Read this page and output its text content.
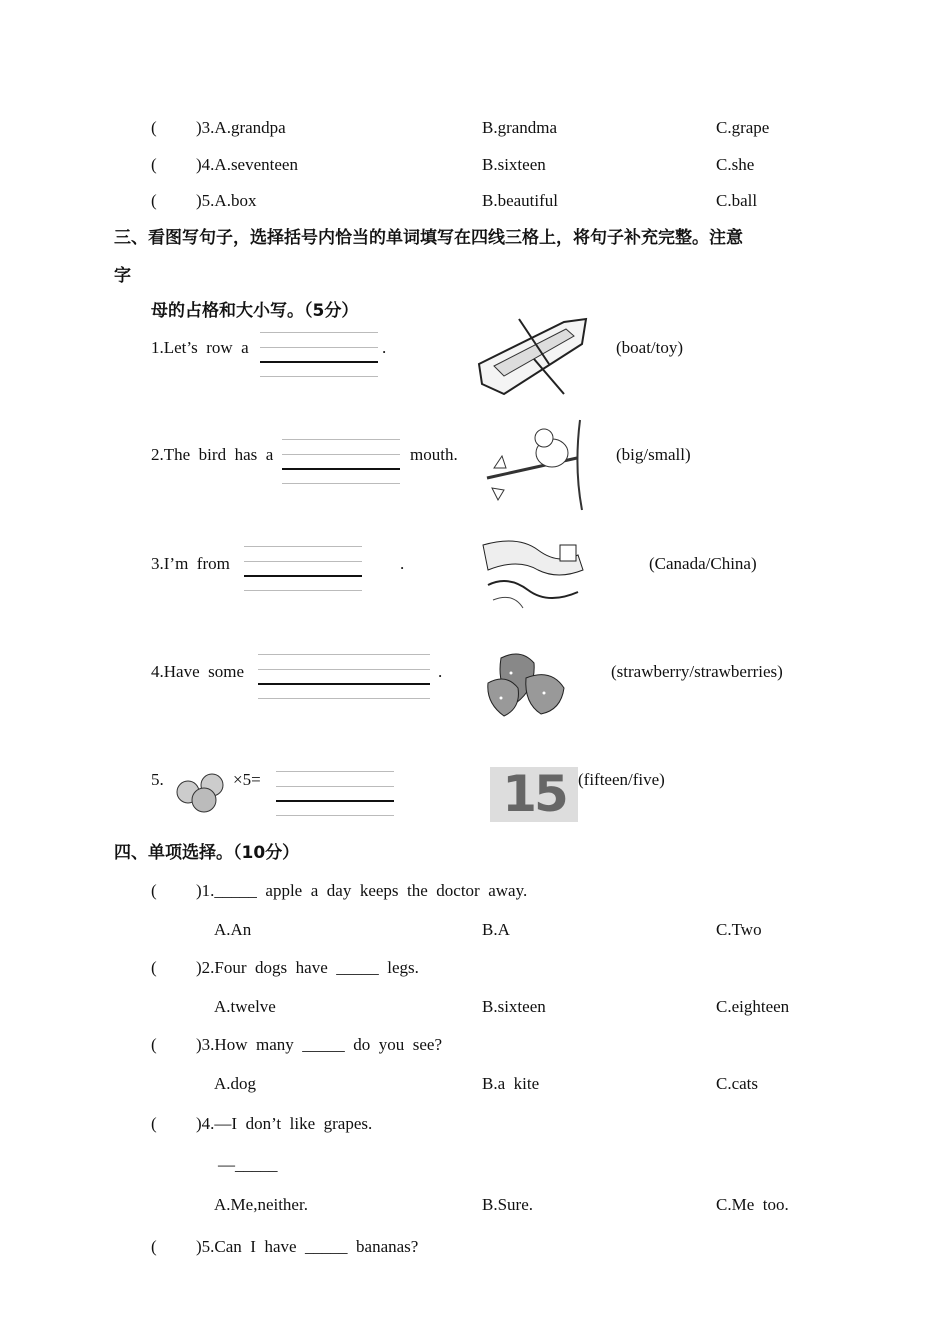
( )3.A.grandpa	B.grandma	C.grape
( )4.A.seventeen	B.sixteen	C.she
( )5.A.box	B.beautiful	C.ball
三、看图写句子，选择括号内恰当的单词填写在四线三格上，将句子补充完整。注意
字
母的占格和大小写。（5分）
1.Let’s  row  a	.	(boat/toy)
2.The  bird  has  a	mouth.	(big/small)
3.I’m  from	.	(Canada/China)
4.Have  some	.	(strawberry/strawberries)
5.	×5=	15 (fifteen/five)
四、单项选择。（10分）
( )1._____  apple  a  day  keeps  the  doctor  away.
A.An	B.A	C.Two
( )2.Four  dogs  have  _____  legs.
A.twelve	B.sixteen	C.eighteen
( )3.How  many  _____  do  you  see?
A.dog	B.a  kite	C.cats
( )4.—I  don’t  like  grapes.
—_____
A.Me,neither.	B.Sure.	C.Me  too.
( )5.Can  I  have  _____  bananas?
